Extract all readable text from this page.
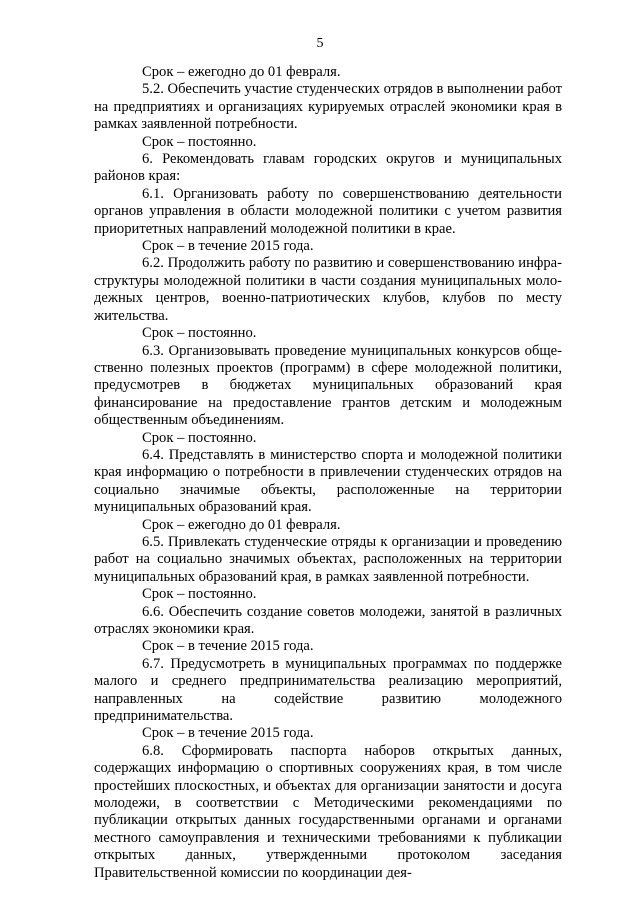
5

Срок – ежегодно до 01 февраля.

5.2. Обеспечить участие студенческих отрядов в выполнении работ на предприятиях и организациях курируемых отраслей экономики края в рамках заявленной потребности.

Срок – постоянно.

6. Рекомендовать главам городских округов и муниципальных районов края:

6.1. Организовать работу по совершенствованию деятельности органов управления в области молодежной политики с учетом развития приоритетных направлений молодежной политики в крае.

Срок – в течение 2015 года.

6.2. Продолжить работу по развитию и совершенствованию инфраструктуры молодежной политики в части создания муниципальных молодежных центров, военно-патриотических клубов, клубов по месту жительства.

Срок – постоянно.

6.3. Организовывать проведение муниципальных конкурсов общественно полезных проектов (программ) в сфере молодежной политики, предусмотрев в бюджетах муниципальных образований края финансирование на предоставление грантов детским и молодежным общественным объединениям.

Срок – постоянно.

6.4. Представлять в министерство спорта и молодежной политики края информацию о потребности в привлечении студенческих отрядов на социально значимые объекты, расположенные на территории муниципальных образований края.

Срок – ежегодно до 01 февраля.

6.5. Привлекать студенческие отряды к организации и проведению работ на социально значимых объектах, расположенных на территории муниципальных образований края, в рамках заявленной потребности.

Срок – постоянно.

6.6. Обеспечить создание советов молодежи, занятой в различных отраслях экономики края.

Срок – в течение 2015 года.

6.7. Предусмотреть в муниципальных программах по поддержке малого и среднего предпринимательства реализацию мероприятий, направленных на содействие развитию молодежного предпринимательства.

Срок – в течение 2015 года.

6.8. Сформировать паспорта наборов открытых данных, содержащих информацию о спортивных сооружениях края, в том числе простейших плоскостных, и объектах для организации занятости и досуга молодежи, в соответствии с Методическими рекомендациями по публикации открытых данных государственными органами и органами местного самоуправления и техническими требованиями к публикации открытых данных, утвержденными протоколом заседания Правительственной комиссии по координации дея-
